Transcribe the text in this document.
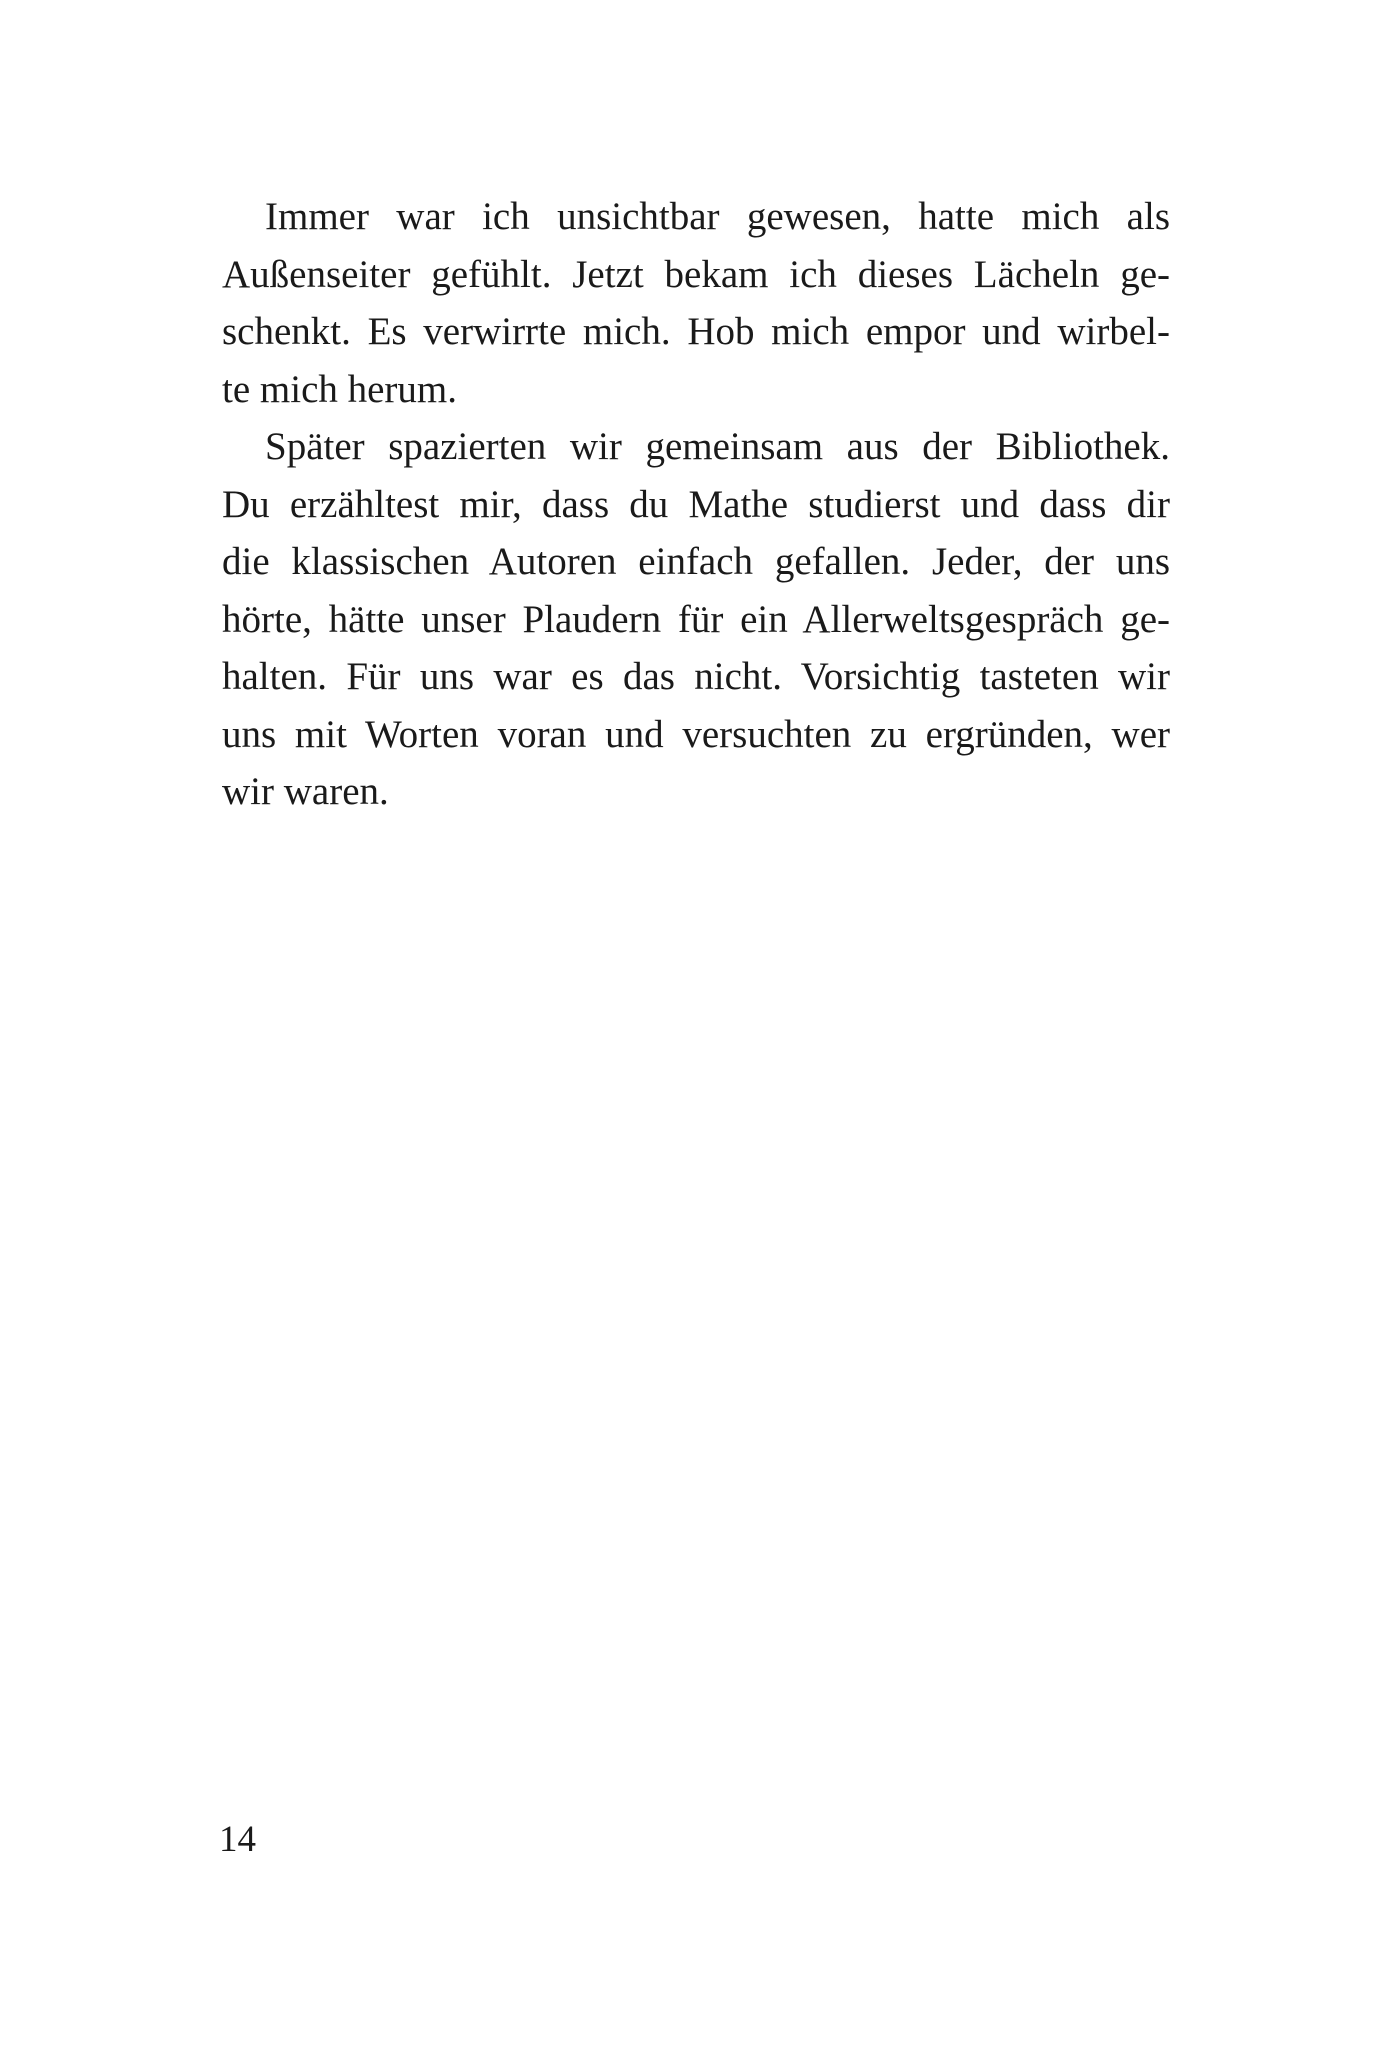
Immer war ich unsichtbar gewesen, hatte mich als
Außenseiter gefühlt. Jetzt bekam ich dieses Lächeln ge-
schenkt. Es verwirrte mich. Hob mich empor und wirbel-
te mich herum.
Später spazierten wir gemeinsam aus der Bibliothek.
Du erzähltest mir, dass du Mathe studierst und dass dir
die klassischen Autoren einfach gefallen. Jeder, der uns
hörte, hätte unser Plaudern für ein Allerweltsgespräch ge-
halten. Für uns war es das nicht. Vorsichtig tasteten wir
uns mit Worten voran und versuchten zu ergründen, wer
wir waren.
14
